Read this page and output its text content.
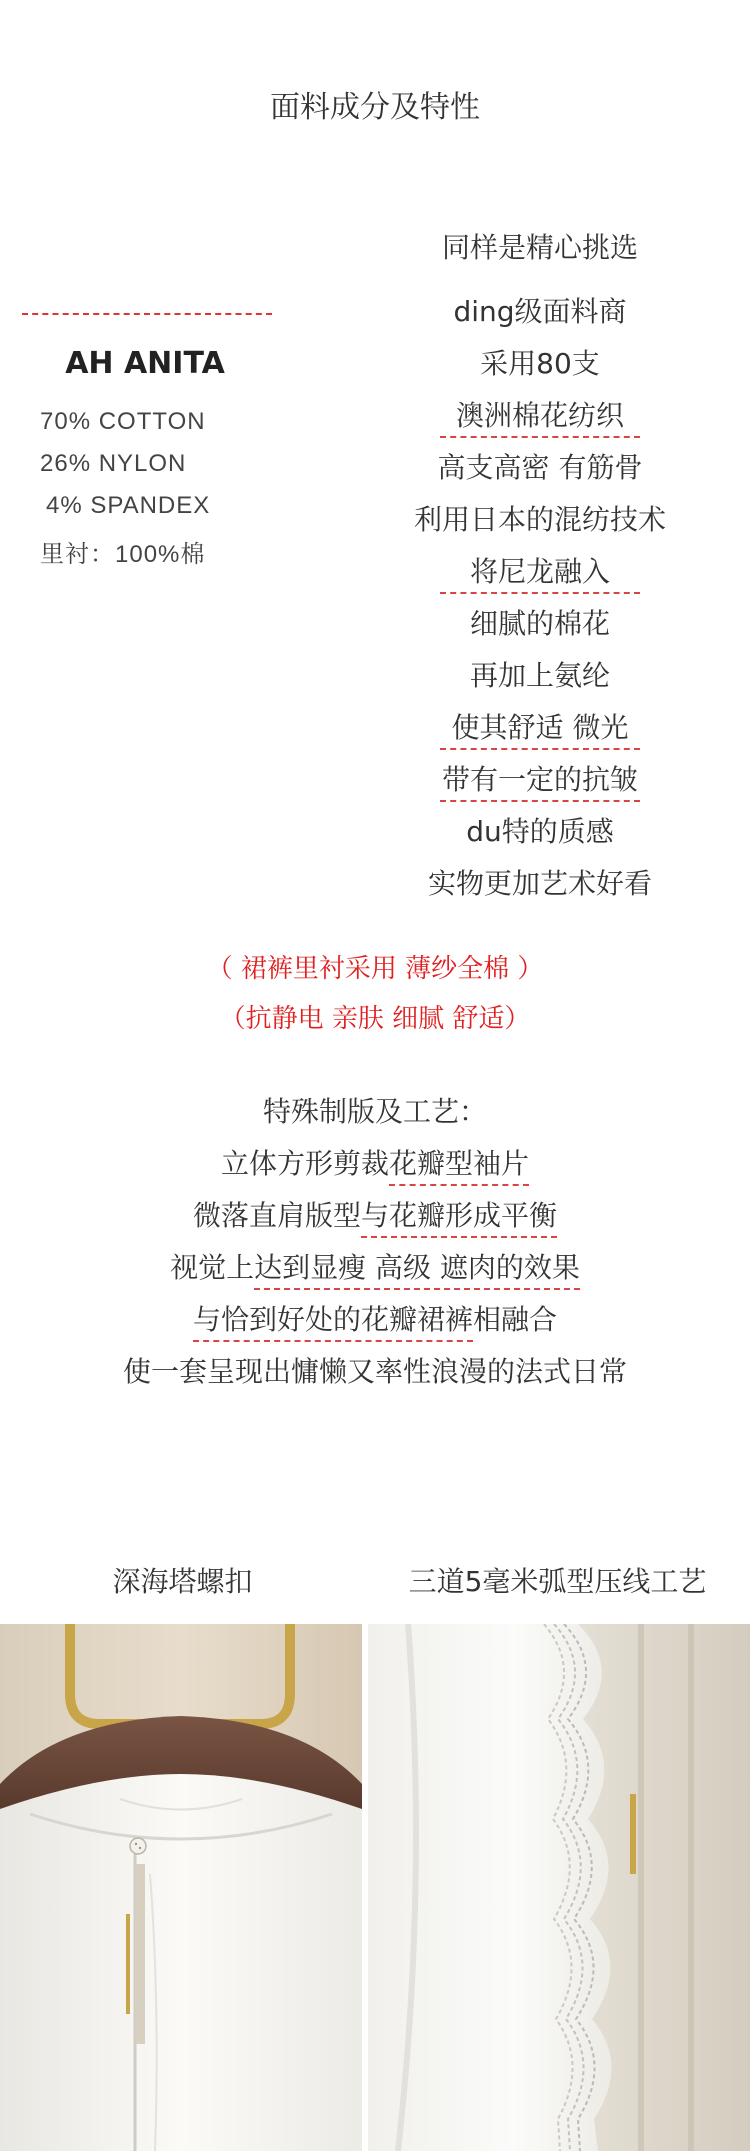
面料成分及特性
AH ANITA
70% COTTON
26% NYLON
4% SPANDEX
里衬：100%棉
同样是精心挑选
ding级面料商
采用80支
澳洲棉花纺织
高支高密 有筋骨
利用日本的混纺技术
将尼龙融入
细腻的棉花
再加上氨纶
使其舒适 微光
带有一定的抗皱
du特的质感
实物更加艺术好看
（ 裙裤里衬采用 薄纱全棉 ）
（抗静电 亲肤 细腻 舒适）
特殊制版及工艺：
立体方形剪裁花瓣型袖片
微落直肩版型与花瓣形成平衡
视觉上达到显瘦 高级 遮肉的效果
与恰到好处的花瓣裙裤相融合
使一套呈现出慵懒又率性浪漫的法式日常
深海塔螺扣	三道5毫米弧型压线工艺
